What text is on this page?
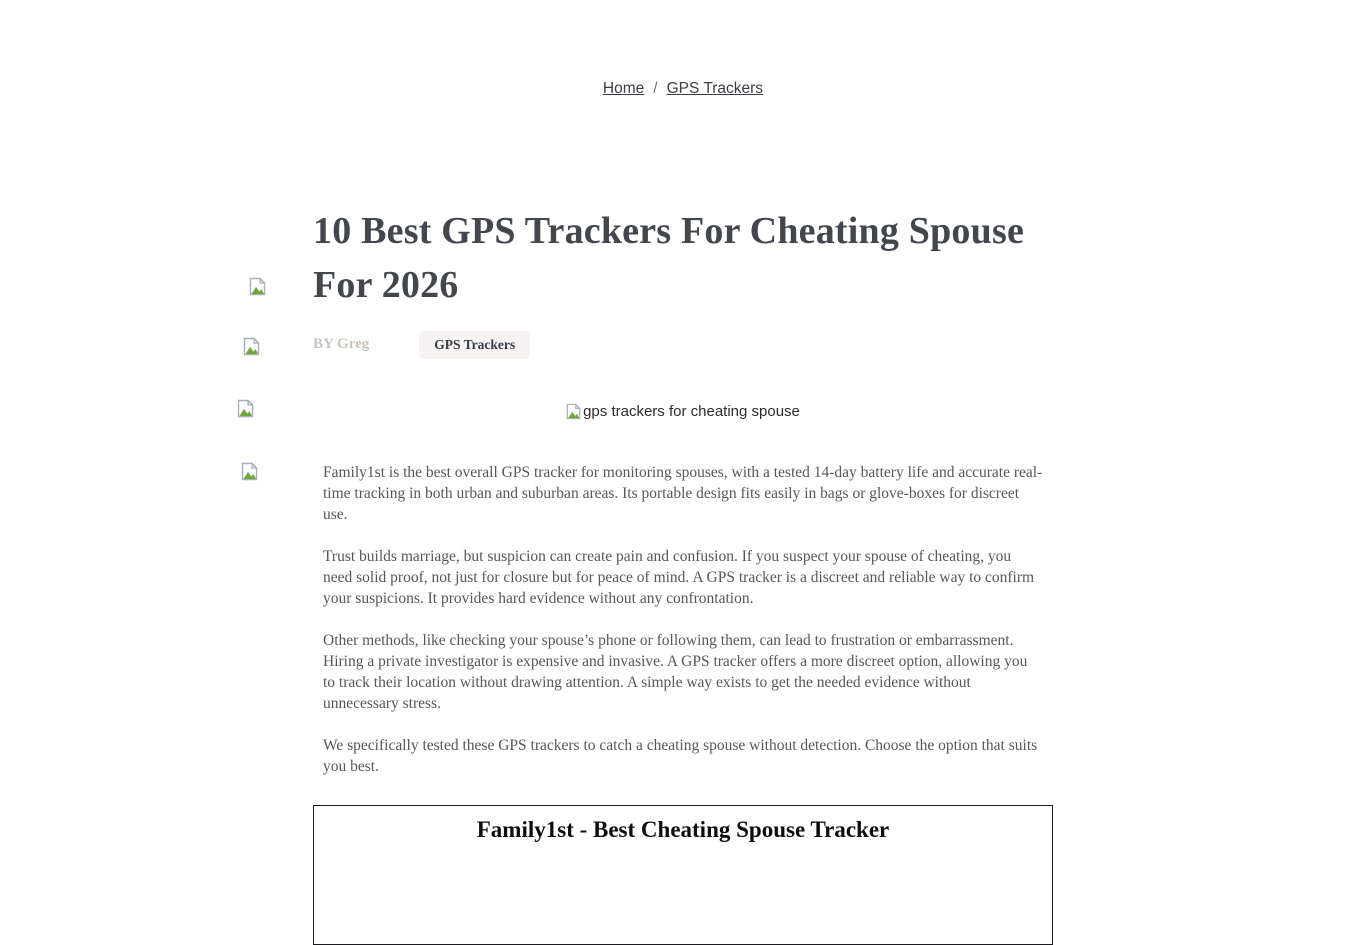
Home / GPS Trackers
10 Best GPS Trackers For Cheating Spouse For 2026
BY Greg	GPS Trackers
gps trackers for cheating spouse

Family1st is the best overall GPS tracker for monitoring spouses, with a tested 14-day battery life and accurate real-time tracking in both urban and suburban areas. Its portable design fits easily in bags or glove-boxes for discreet use.

Trust builds marriage, but suspicion can create pain and confusion. If you suspect your spouse of cheating, you need solid proof, not just for closure but for peace of mind. A GPS tracker is a discreet and reliable way to confirm your suspicions. It provides hard evidence without any confrontation.

Other methods, like checking your spouse’s phone or following them, can lead to frustration or embarrassment. Hiring a private investigator is expensive and invasive. A GPS tracker offers a more discreet option, allowing you to track their location without drawing attention. A simple way exists to get the needed evidence without unnecessary stress.

We specifically tested these GPS trackers to catch a cheating spouse without detection. Choose the option that suits you best.

Family1st - Best Cheating Spouse Tracker
